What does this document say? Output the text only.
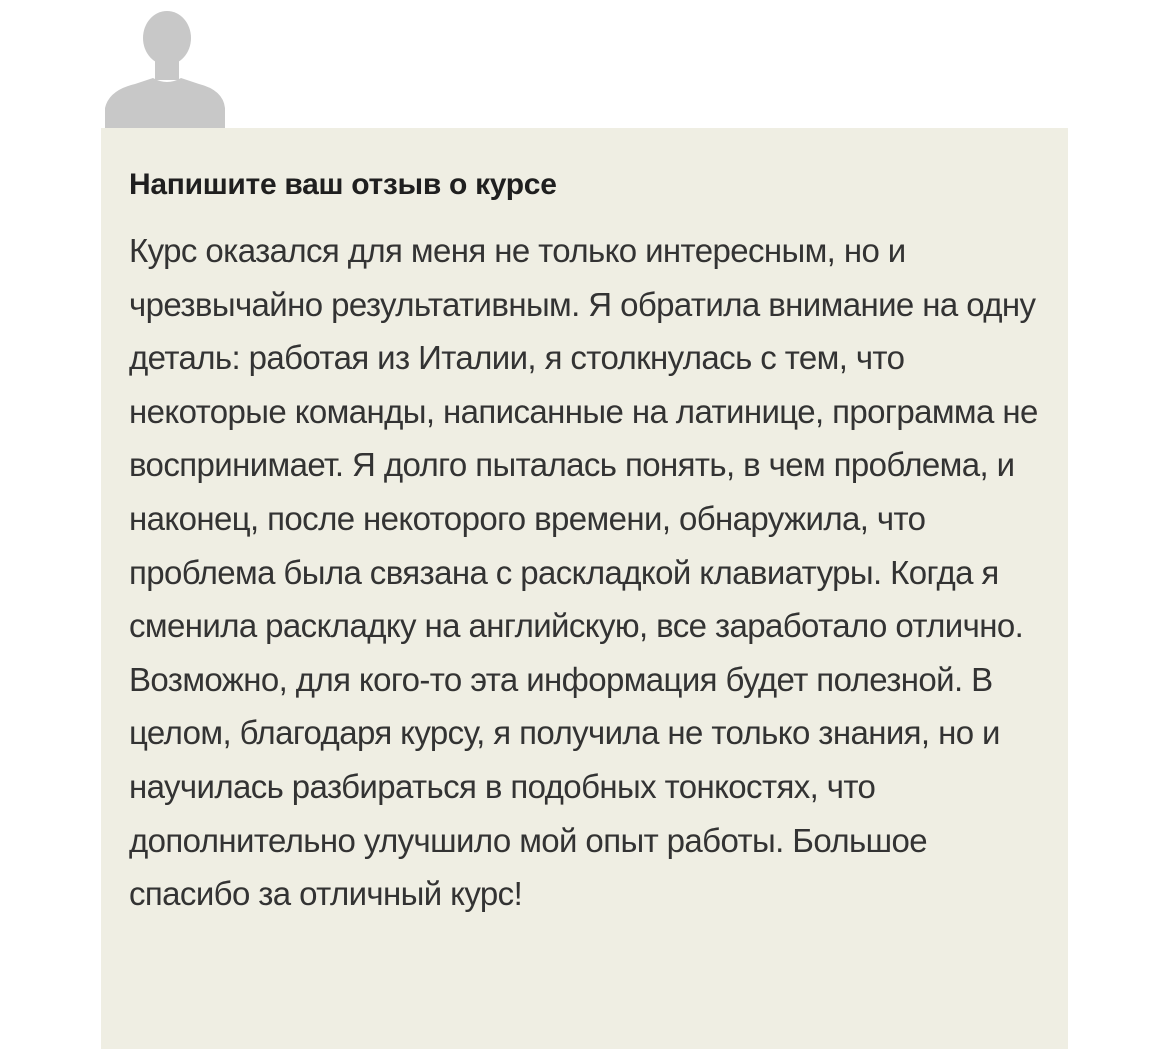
Напишите ваш отзыв о курсе

Курс оказался для меня не только интересным, но и чрезвычайно результативным. Я обратила внимание на одну деталь: работая из Италии, я столкнулась с тем, что некоторые команды, написанные на латинице, программа не воспринимает. Я долго пыталась понять, в чем проблема, и наконец, после некоторого времени, обнаружила, что проблема была связана с раскладкой клавиатуры. Когда я сменила раскладку на английскую, все заработало отлично. Возможно, для кого-то эта информация будет полезной. В целом, благодаря курсу, я получила не только знания, но и научилась разбираться в подобных тонкостях, что дополнительно улучшило мой опыт работы. Большое спасибо за отличный курс!
